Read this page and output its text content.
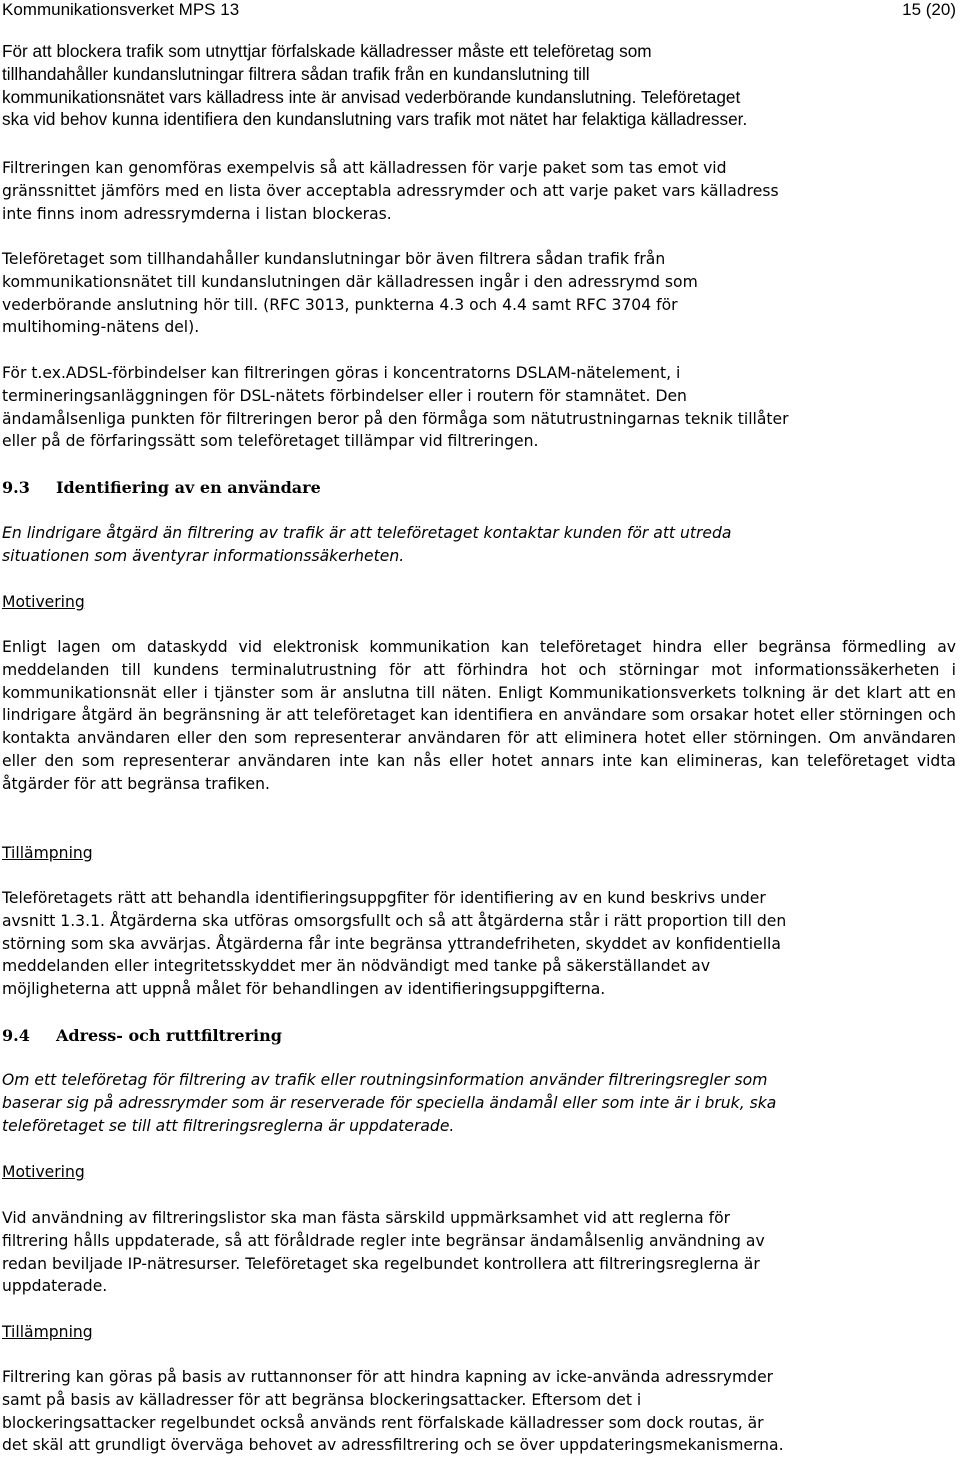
Kommunikationsverket MPS 13	15 (20)

För att blockera trafik som utnyttjar förfalskade källadresser måste ett teleföretag som
tillhandahåller kundanslutningar filtrera sådan trafik från en kundanslutning till
kommunikationsnätet vars källadress inte är anvisad vederbörande kundanslutning. Teleföretaget
ska vid behov kunna identifiera den kundanslutning vars trafik mot nätet har felaktiga källadresser.

Filtreringen kan genomföras exempelvis så att källadressen för varje paket som tas emot vid
gränssnittet jämförs med en lista över acceptabla adressrymder och att varje paket vars källadress
inte finns inom adressrymderna i listan blockeras.

Teleföretaget som tillhandahåller kundanslutningar bör även filtrera sådan trafik från
kommunikationsnätet till kundanslutningen där källadressen ingår i den adressrymd som
vederbörande anslutning hör till. (RFC 3013, punkterna 4.3 och 4.4 samt RFC 3704 för
multihoming-nätens del).

För t.ex.ADSL-förbindelser kan filtreringen göras i koncentratorns DSLAM-nätelement, i
termineringsanläggningen för DSL-nätets förbindelser eller i routern för stamnätet. Den
ändamålsenliga punkten för filtreringen beror på den förmåga som nätutrustningarnas teknik tillåter
eller på de förfaringssätt som teleföretaget tillämpar vid filtreringen.

9.3 Identifiering av en användare

En lindrigare åtgärd än filtrering av trafik är att teleföretaget kontaktar kunden för att utreda
situationen som äventyrar informationssäkerheten.

Motivering

Enligt lagen om dataskydd vid elektronisk kommunikation kan teleföretaget hindra eller begränsa förmedling av meddelanden till kundens terminalutrustning för att förhindra hot och störningar mot informationssäkerheten i kommunikationsnät eller i tjänster som är anslutna till näten. Enligt Kommunikationsverkets tolkning är det klart att en lindrigare åtgärd än begränsning är att teleföretaget kan identifiera en användare som orsakar hotet eller störningen och kontakta användaren eller den som representerar användaren för att eliminera hotet eller störningen. Om användaren eller den som representerar användaren inte kan nås eller hotet annars inte kan elimineras, kan teleföretaget vidta åtgärder för att begränsa trafiken.

Tillämpning

Teleföretagets rätt att behandla identifieringsuppgfiter för identifiering av en kund beskrivs under
avsnitt 1.3.1. Åtgärderna ska utföras omsorgsfullt och så att åtgärderna står i rätt proportion till den
störning som ska avvärjas. Åtgärderna får inte begränsa yttrandefriheten, skyddet av konfidentiella
meddelanden eller integritetsskyddet mer än nödvändigt med tanke på säkerställandet av
möjligheterna att uppnå målet för behandlingen av identifieringsuppgifterna.

9.4 Adress- och ruttfiltrering

Om ett teleföretag för filtrering av trafik eller routningsinformation använder filtreringsregler som
baserar sig på adressrymder som är reserverade för speciella ändamål eller som inte är i bruk, ska
teleföretaget se till att filtreringsreglerna är uppdaterade.

Motivering

Vid användning av filtreringslistor ska man fästa särskild uppmärksamhet vid att reglerna för
filtrering hålls uppdaterade, så att föråldrade regler inte begränsar ändamålsenlig användning av
redan beviljade IP-nätresurser. Teleföretaget ska regelbundet kontrollera att filtreringsreglerna är
uppdaterade.

Tillämpning

Filtrering kan göras på basis av ruttannonser för att hindra kapning av icke-använda adressrymder
samt på basis av källadresser för att begränsa blockeringsattacker. Eftersom det i
blockeringsattacker regelbundet också används rent förfalskade källadresser som dock routas, är
det skäl att grundligt överväga behovet av adressfiltrering och se över uppdateringsmekanismerna.
